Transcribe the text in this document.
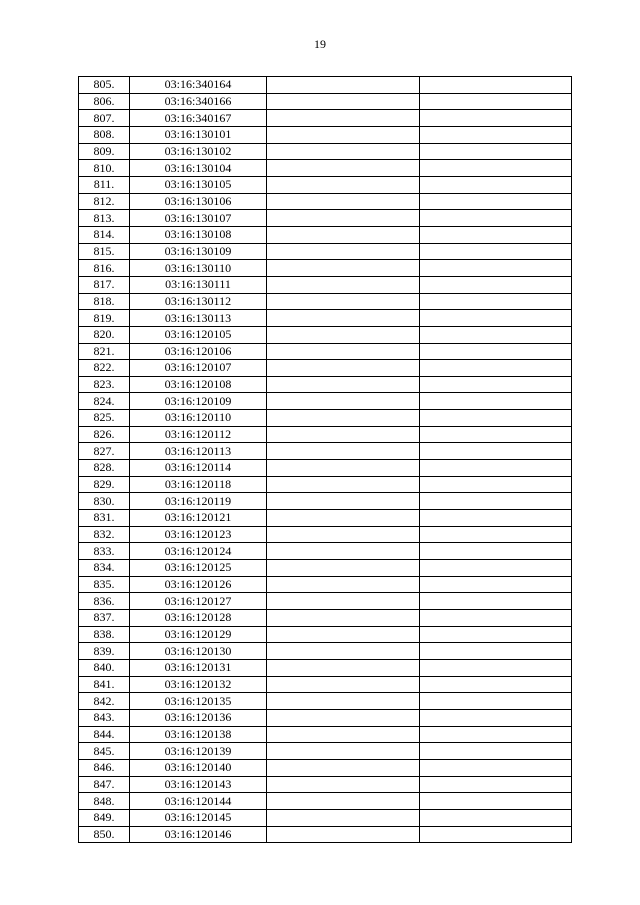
19
805.	03:16:340164		
806.	03:16:340166		
807.	03:16:340167		
808.	03:16:130101		
809.	03:16:130102		
810.	03:16:130104		
811.	03:16:130105		
812.	03:16:130106		
813.	03:16:130107		
814.	03:16:130108		
815.	03:16:130109		
816.	03:16:130110		
817.	03:16:130111		
818.	03:16:130112		
819.	03:16:130113		
820.	03:16:120105		
821.	03:16:120106		
822.	03:16:120107		
823.	03:16:120108		
824.	03:16:120109		
825.	03:16:120110		
826.	03:16:120112		
827.	03:16:120113		
828.	03:16:120114		
829.	03:16:120118		
830.	03:16:120119		
831.	03:16:120121		
832.	03:16:120123		
833.	03:16:120124		
834.	03:16:120125		
835.	03:16:120126		
836.	03:16:120127		
837.	03:16:120128		
838.	03:16:120129		
839.	03:16:120130		
840.	03:16:120131		
841.	03:16:120132		
842.	03:16:120135		
843.	03:16:120136		
844.	03:16:120138		
845.	03:16:120139		
846.	03:16:120140		
847.	03:16:120143		
848.	03:16:120144		
849.	03:16:120145		
850.	03:16:120146		
